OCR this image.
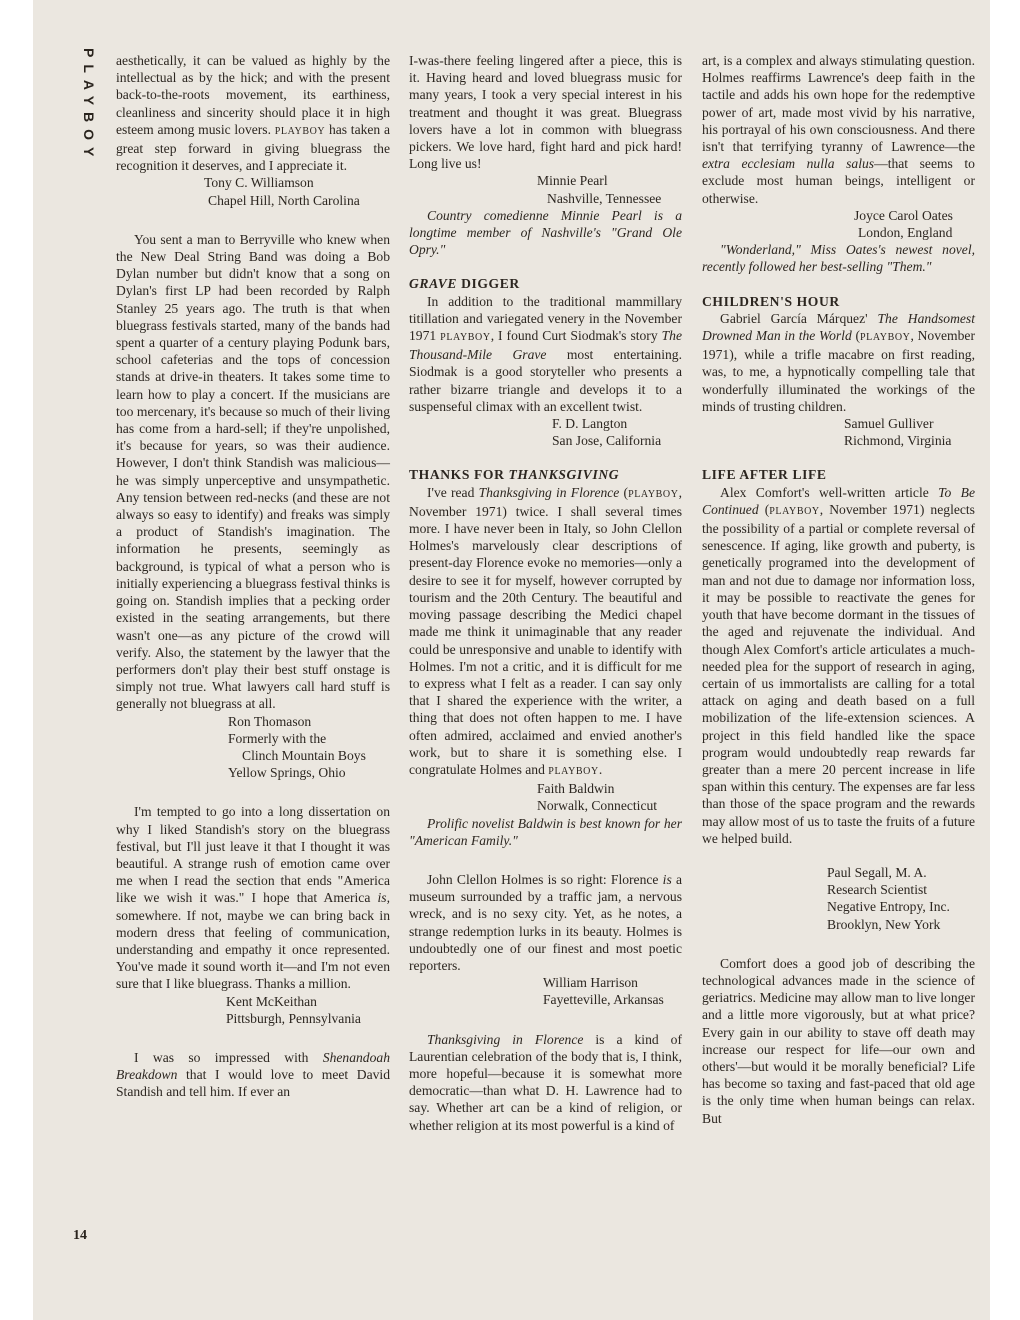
PLAYBOY aesthetically, it can be valued as highly by the intellectual as by the hick; and with the present back-to-the-roots movement, its earthiness, cleanliness and sincerity should place it in high esteem among music lovers. PLAYBOY has taken a great step forward in giving bluegrass the recognition it deserves, and I appreciate it.

Tony C. Williamson
Chapel Hill, North Carolina

You sent a man to Berryville who knew when the New Deal String Band was doing a Bob Dylan number but didn't know that a song on Dylan's first LP had been recorded by Ralph Stanley 25 years ago. The truth is that when bluegrass festivals started, many of the bands had spent a quarter of a century playing Podunk bars, school cafeterias and the tops of concession stands at drive-in theaters. It takes some time to learn how to play a concert. If the musicians are too mercenary, it's because so much of their living has come from a hard-sell; if they're unpolished, it's because for years, so was their audience. However, I don't think Standish was malicious—he was simply unperceptive and unsympathetic. Any tension between red-necks (and these are not always so easy to identify) and freaks was simply a product of Standish's imagination. The information he presents, seemingly as background, is typical of what a person who is initially experiencing a bluegrass festival thinks is going on. Standish implies that a pecking order existed in the seating arrangements, but there wasn't one—as any picture of the crowd will verify. Also, the statement by the lawyer that the performers don't play their best stuff onstage is simply not true. What lawyers call hard stuff is generally not bluegrass at all.

Ron Thomason
Formerly with the
Clinch Mountain Boys
Yellow Springs, Ohio

I'm tempted to go into a long dissertation on why I liked Standish's story on the bluegrass festival, but I'll just leave it that I thought it was beautiful. A strange rush of emotion came over me when I read the section that ends "America like we wish it was." I hope that America is, somewhere. If not, maybe we can bring back in modern dress that feeling of communication, understanding and empathy it once represented. You've made it sound worth it—and I'm not even sure that I like bluegrass. Thanks a million.

Kent McKeithan
Pittsburgh, Pennsylvania

I was so impressed with Shenandoah Breakdown that I would love to meet David Standish and tell him. If ever an

I-was-there feeling lingered after a piece, this is it. Having heard and loved bluegrass music for many years, I took a very special interest in his treatment and thought it was great. Bluegrass lovers have a lot in common with bluegrass pickers. We love hard, fight hard and pick hard! Long live us!

Minnie Pearl
Nashville, Tennessee

Country comedienne Minnie Pearl is a longtime member of Nashville's "Grand Ole Opry."

GRAVE DIGGER

In addition to the traditional mammillary titillation and variegated venery in the November 1971 PLAYBOY, I found Curt Siodmak's story The Thousand-Mile Grave most entertaining. Siodmak is a good storyteller who presents a rather bizarre triangle and develops it to a suspenseful climax with an excellent twist.

F. D. Langton
San Jose, California
THANKS FOR THANKSGIVING

I've read Thanksgiving in Florence (PLAYBOY, November 1971) twice. I shall several times more. I have never been in Italy, so John Clellon Holmes's marvelously clear descriptions of present-day Florence evoke no memories—only a desire to see it for myself, however corrupted by tourism and the 20th Century. The beautiful and moving passage describing the Medici chapel made me think it unimaginable that any reader could be unresponsive and unable to identify with Holmes. I'm not a critic, and it is difficult for me to express what I felt as a reader. I can say only that I shared the experience with the writer, a thing that does not often happen to me. I have often admired, acclaimed and envied another's work, but to share it is something else. I congratulate Holmes and PLAYBOY.

Faith Baldwin
Norwalk, Connecticut

Prolific novelist Baldwin is best known for her "American Family."

John Clellon Holmes is so right: Florence is a museum surrounded by a traffic jam, a nervous wreck, and is no sexy city. Yet, as he notes, a strange redemption lurks in its beauty. Holmes is undoubtedly one of our finest and most poetic reporters.

William Harrison
Fayetteville, Arkansas

Thanksgiving in Florence is a kind of Laurentian celebration of the body that is, I think, more hopeful—because it is somewhat more democratic—than what D. H. Lawrence had to say. Whether art can be a kind of religion, or whether religion at its most powerful is a kind of

art, is a complex and always stimulating question. Holmes reaffirms Lawrence's deep faith in the tactile and adds his own hope for the redemptive power of art, made most vivid by his narrative, his portrayal of his own consciousness. And there isn't that terrifying tyranny of Lawrence—the extra ecclesiam nulla salus—that seems to exclude most human beings, intelligent or otherwise.

Joyce Carol Oates
London, England

"Wonderland," Miss Oates's newest novel, recently followed her best-selling "Them."

CHILDREN'S HOUR

Gabriel García Márquez' The Handsomest Drowned Man in the World (PLAYBOY, November 1971), while a trifle macabre on first reading, was, to me, a hypnotically compelling tale that wonderfully illuminated the workings of the minds of trusting children.

Samuel Gulliver
Richmond, Virginia
LIFE AFTER LIFE

Alex Comfort's well-written article To Be Continued (PLAYBOY, November 1971) neglects the possibility of a partial or complete reversal of senescence. If aging, like growth and puberty, is genetically programed into the development of man and not due to damage nor information loss, it may be possible to reactivate the genes for youth that have become dormant in the tissues of the aged and rejuvenate the individual. And though Alex Comfort's article articulates a much-needed plea for the support of research in aging, certain of us immortalists are calling for a total attack on aging and death based on a full mobilization of the life-extension sciences. A project in this field handled like the space program would undoubtedly reap rewards far greater than a mere 20 percent increase in life span within this century. The expenses are far less than those of the space program and the rewards may allow most of us to taste the fruits of a future we helped build.

Paul Segall, M. A.
Research Scientist
Negative Entropy, Inc.
Brooklyn, New York

Comfort does a good job of describing the technological advances made in the science of geriatrics. Medicine may allow man to live longer and a little more vigorously, but at what price? Every gain in our ability to stave off death may increase our respect for life—our own and others'—but would it be morally beneficial? Life has become so taxing and fast-paced that old age is the only time when human beings can relax. But

14
